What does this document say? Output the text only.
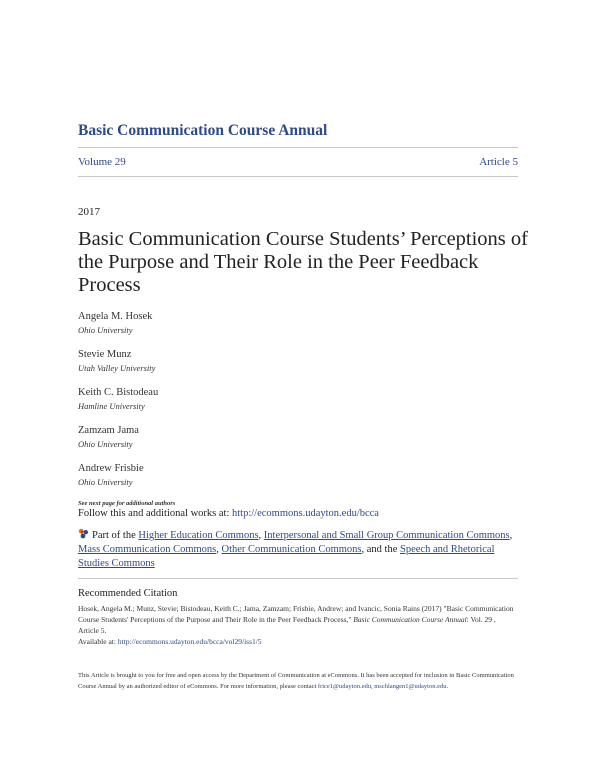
Basic Communication Course Annual
Volume 29	Article 5
2017
Basic Communication Course Students’ Perceptions of the Purpose and Their Role in the Peer Feedback Process
Angela M. Hosek
Ohio University
Stevie Munz
Utah Valley University
Keith C. Bistodeau
Hamline University
Zamzam Jama
Ohio University
Andrew Frisbie
Ohio University
See next page for additional authors
Follow this and additional works at: http://ecommons.udayton.edu/bcca
Part of the Higher Education Commons, Interpersonal and Small Group Communication Commons, Mass Communication Commons, Other Communication Commons, and the Speech and Rhetorical Studies Commons
Recommended Citation
Hosek, Angela M.; Munz, Stevie; Bistodeau, Keith C.; Jama, Zamzam; Frisbie, Andrew; and Ivancic, Sonia Rains (2017) "Basic Communication Course Students' Perceptions of the Purpose and Their Role in the Peer Feedback Process," Basic Communication Course Annual: Vol. 29 , Article 5.
Available at: http://ecommons.udayton.edu/bcca/vol29/iss1/5
This Article is brought to you for free and open access by the Department of Communication at eCommons. It has been accepted for inclusion in Basic Communication Course Annual by an authorized editor of eCommons. For more information, please contact frice1@udayton.edu, mschlangen1@udayton.edu.
